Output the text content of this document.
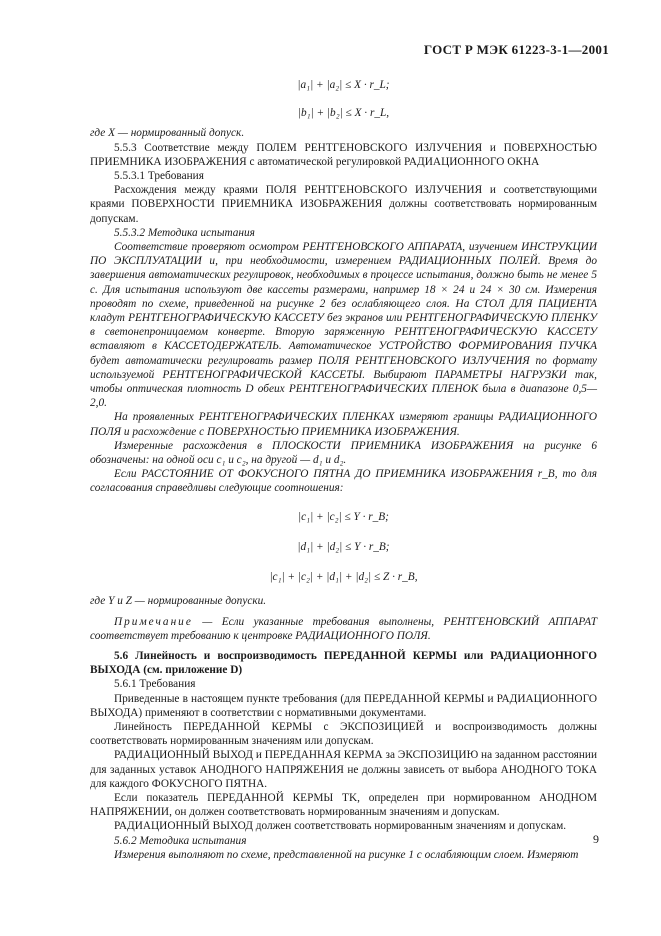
ГОСТ Р МЭК 61223-3-1—2001

|a₁| + |a₂| ≤ X · r_L;

|b₁| + |b₂| ≤ X · r_L,

где X — нормированный допуск.

5.5.3 Соответствие между ПОЛЕМ РЕНТГЕНОВСКОГО ИЗЛУЧЕНИЯ и ПОВЕРХНОСТЬЮ ПРИЕМНИКА ИЗОБРАЖЕНИЯ с автоматической регулировкой РАДИАЦИОННОГО ОКНА

5.5.3.1 Требования

Расхождения между краями ПОЛЯ РЕНТГЕНОВСКОГО ИЗЛУЧЕНИЯ и соответствующими краями ПОВЕРХНОСТИ ПРИЕМНИКА ИЗОБРАЖЕНИЯ должны соответствовать нормированным допускам.

5.5.3.2 Методика испытания

Соответствие проверяют осмотром РЕНТГЕНОВСКОГО АППАРАТА, изучением ИНСТРУКЦИИ ПО ЭКСПЛУАТАЦИИ и, при необходимости, измерением РАДИАЦИОННЫХ ПОЛЕЙ. Время до завершения автоматических регулировок, необходимых в процессе испытания, должно быть не менее 5 с. Для испытания используют две кассеты размерами, например 18 × 24 и 24 × 30 см. Измерения проводят по схеме, приведенной на рисунке 2 без ослабляющего слоя. На СТОЛ ДЛЯ ПАЦИЕНТА кладут РЕНТГЕНОГРАФИЧЕСКУЮ КАССЕТУ без экранов или РЕНТГЕНОГРАФИЧЕСКУЮ ПЛЕНКУ в светонепроницаемом конверте. Вторую заряженную РЕНТГЕНОГРАФИЧЕСКУЮ КАССЕТУ вставляют в КАССЕТОДЕРЖАТЕЛЬ. Автоматическое УСТРОЙСТВО ФОРМИРОВАНИЯ ПУЧКА будет автоматически регулировать размер ПОЛЯ РЕНТГЕНОВСКОГО ИЗЛУЧЕНИЯ по формату используемой РЕНТГЕНОГРАФИЧЕСКОЙ КАССЕТЫ. Выбирают ПАРАМЕТРЫ НАГРУЗКИ так, чтобы оптическая плотность D обеих РЕНТГЕНОГРАФИЧЕСКИХ ПЛЕНОК была в диапазоне 0,5—2,0.

На проявленных РЕНТГЕНОГРАФИЧЕСКИХ ПЛЕНКАХ измеряют границы РАДИАЦИОННОГО ПОЛЯ и расхождение с ПОВЕРХНОСТЬЮ ПРИЕМНИКА ИЗОБРАЖЕНИЯ.

Измеренные расхождения в ПЛОСКОСТИ ПРИЕМНИКА ИЗОБРАЖЕНИЯ на рисунке 6 обозначены: на одной оси c₁ и c₂, на другой — d₁ и d₂.

Если РАССТОЯНИЕ ОТ ФОКУСНОГО ПЯТНА ДО ПРИЕМНИКА ИЗОБРАЖЕНИЯ r_B, то для согласования справедливы следующие соотношения:

|c₁| + |c₂| ≤ Y · r_B;

|d₁| + |d₂| ≤ Y · r_B;

|c₁| + |c₂| + |d₁| + |d₂| ≤ Z · r_B,

где Y и Z — нормированные допуски.

Примечание — Если указанные требования выполнены, РЕНТГЕНОВСКИЙ АППАРАТ соответствует требованию к центровке РАДИАЦИОННОГО ПОЛЯ.

5.6 Линейность и воспроизводимость ПЕРЕДАННОЙ КЕРМЫ или РАДИАЦИОННОГО ВЫХОДА (см. приложение D)

5.6.1 Требования

Приведенные в настоящем пункте требования (для ПЕРЕДАННОЙ КЕРМЫ и РАДИАЦИОННОГО ВЫХОДА) применяют в соответствии с нормативными документами.

Линейность ПЕРЕДАННОЙ КЕРМЫ с ЭКСПОЗИЦИЕЙ и воспроизводимость должны соответствовать нормированным значениям или допускам.

РАДИАЦИОННЫЙ ВЫХОД и ПЕРЕДАННАЯ КЕРМА за ЭКСПОЗИЦИЮ на заданном расстоянии для заданных уставок АНОДНОГО НАПРЯЖЕНИЯ не должны зависеть от выбора АНОДНОГО ТОКА для каждого ФОКУСНОГО ПЯТНА.

Если показатель ПЕРЕДАННОЙ КЕРМЫ TK, определен при нормированном АНОДНОМ НАПРЯЖЕНИИ, он должен соответствовать нормированным значениям и допускам.

РАДИАЦИОННЫЙ ВЫХОД должен соответствовать нормированным значениям и допускам.

5.6.2 Методика испытания

Измерения выполняют по схеме, представленной на рисунке 1 с ослабляющим слоем. Измеряют

9
